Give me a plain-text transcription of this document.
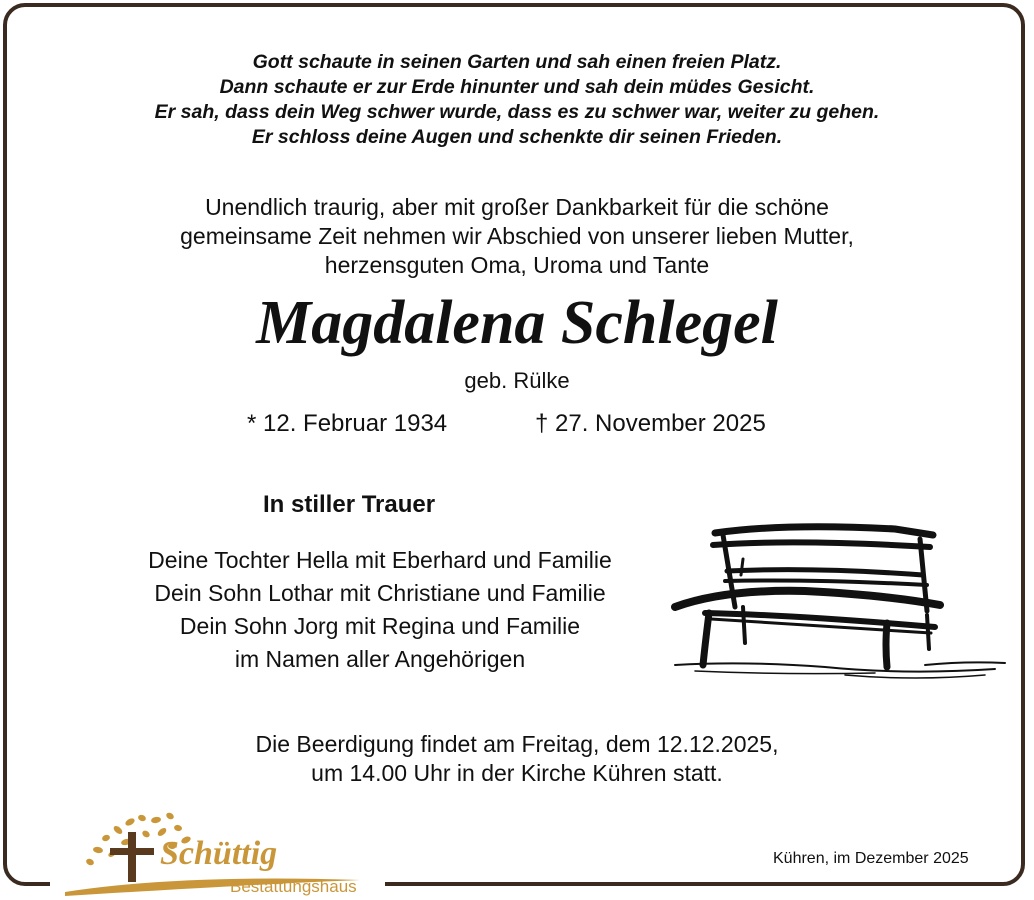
Gott schaute in seinen Garten und sah einen freien Platz.
Dann schaute er zur Erde hinunter und sah dein müdes Gesicht.
Er sah, dass dein Weg schwer wurde, dass es zu schwer war, weiter zu gehen.
Er schloss deine Augen und schenkte dir seinen Frieden.
Unendlich traurig, aber mit großer Dankbarkeit für die schöne
gemeinsame Zeit nehmen wir Abschied von unserer lieben Mutter,
herzensguten Oma, Uroma und Tante
Magdalena Schlegel
geb. Rülke
* 12. Februar 1934	† 27. November 2025
In stiller Trauer
Deine Tochter Hella mit Eberhard und Familie
Dein Sohn Lothar mit Christiane und Familie
Dein Sohn Jorg mit Regina und Familie
im Namen aller Angehörigen
Die Beerdigung findet am Freitag, dem 12.12.2025,
um 14.00 Uhr in der Kirche Kühren statt.
Kühren, im Dezember 2025
Schüttig
Bestattungshaus
